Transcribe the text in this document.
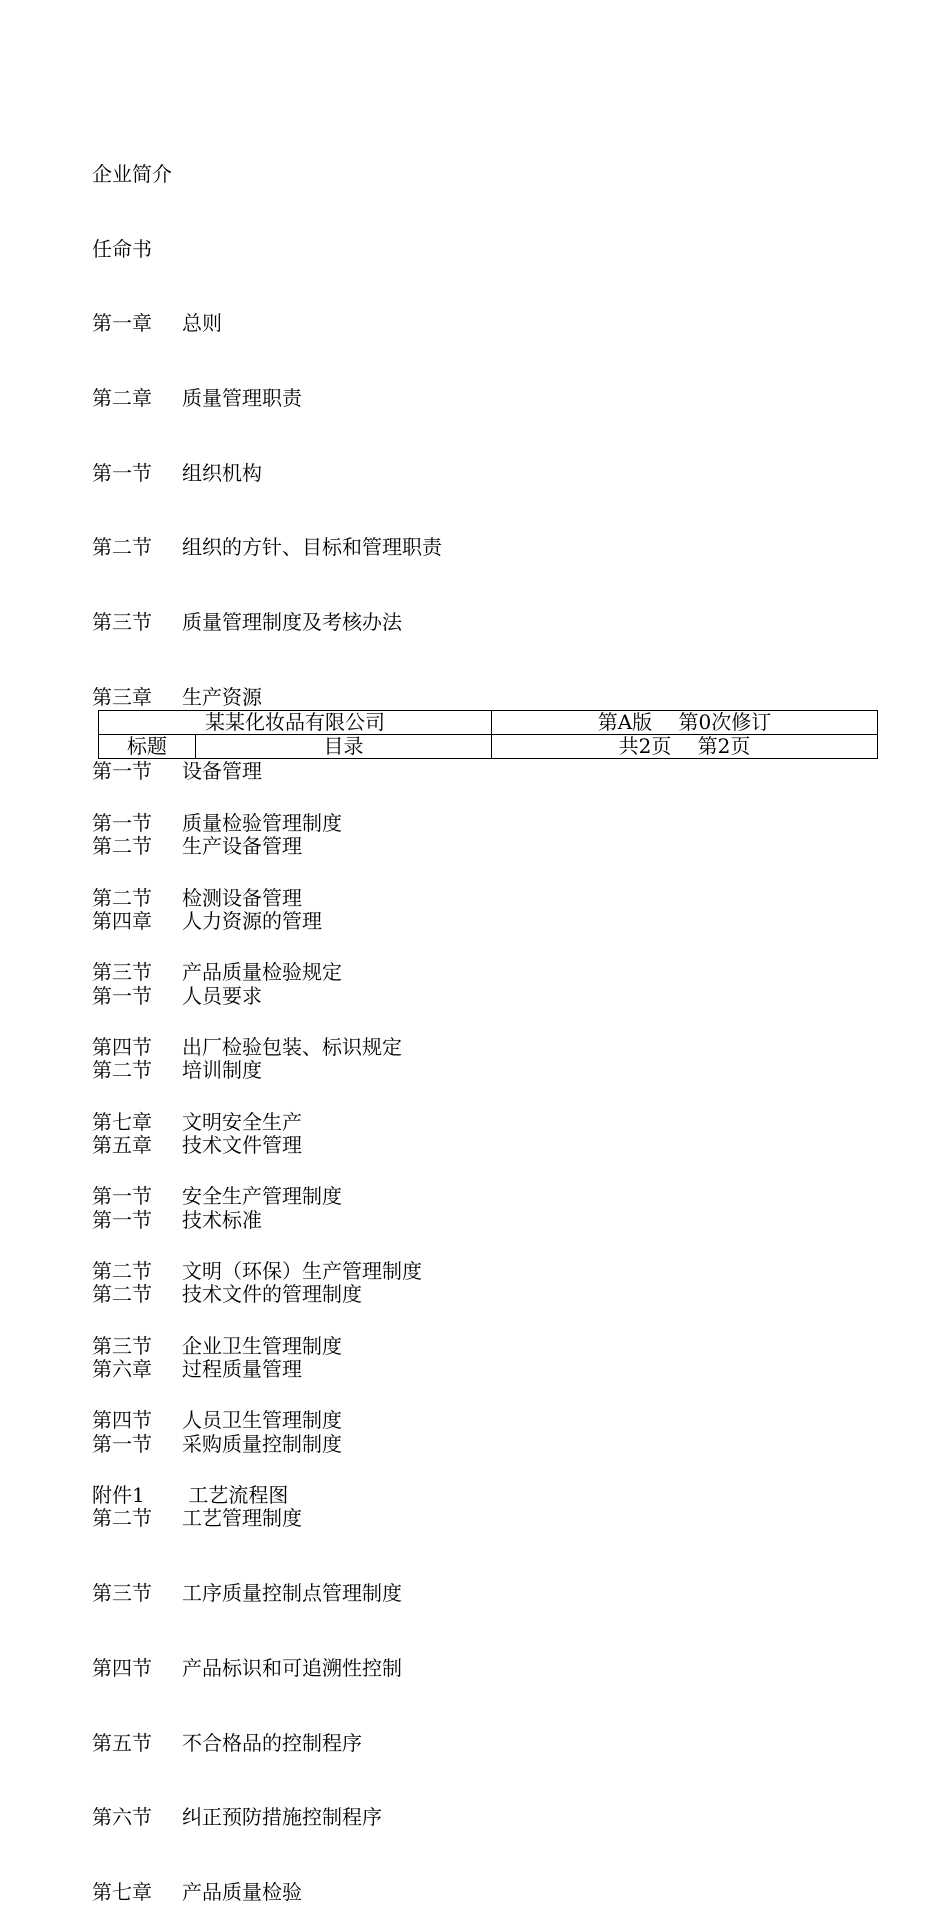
企业简介

任命书

第一章 总则

第二章 质量管理职责

第一节 组织机构

第二节 组织的方针、目标和管理职责

第三节 质量管理制度及考核办法

第三章 生产资源

第一节 设备管理

第二节 生产设备管理

第四章 人力资源的管理

第一节 人员要求

第二节 培训制度

第五章 技术文件管理

第一节 技术标准

第二节 技术文件的管理制度

第六章 过程质量管理

第一节 采购质量控制制度

第二节 工艺管理制度

第三节 工序质量控制点管理制度

第四节 产品标识和可追溯性控制

第五节 不合格品的控制程序

第六节 纠正预防措施控制程序

第七章 产品质量检验

某某化妆品有限公司		第A版　 第0次修订
标题	目录	共2页　 第2页

第一节 质量检验管理制度

第二节 检测设备管理

第三节 产品质量检验规定

第四节 出厂检验包装、标识规定

第七章 文明安全生产

第一节 安全生产管理制度

第二节 文明（环保）生产管理制度

第三节 企业卫生管理制度

第四节 人员卫生管理制度

附件1 工艺流程图
